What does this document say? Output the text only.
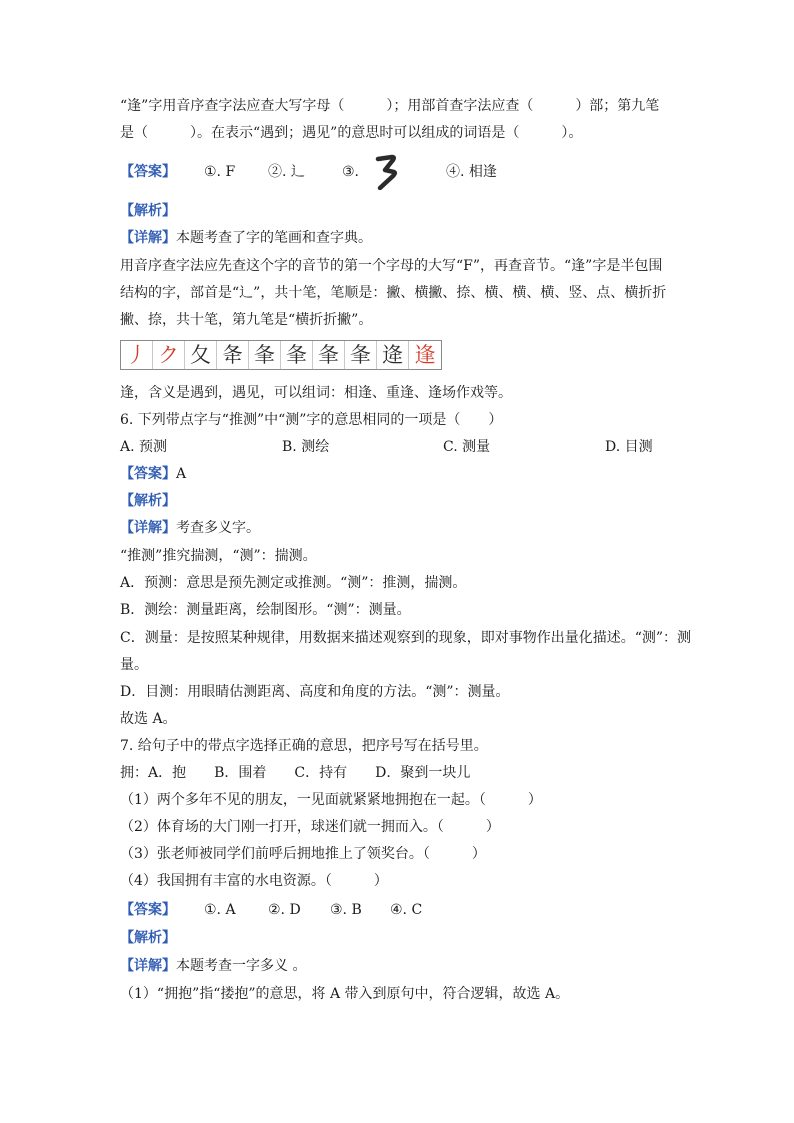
“逢”字用音序查字法应查大写字母（　　　）；用部首查字法应查（　　　）部；第九笔
是（　　　）。在表示“遇到；遇见”的意思时可以组成的词语是（　　　）。
【答案】 ①. F ②. 辶	③.	④. 相逢
【解析】
【详解】本题考查了字的笔画和查字典。
用音序查字法应先查这个字的音节的第一个字母的大写“F”，再查音节。“逢”字是半包围
结构的字，部首是“辶”，共十笔，笔顺是：撇、横撇、捺、横、横、横、竖、点、横折折
撇、捺，共十笔，第九笔是“横折折撇”。
丿 ク 夂 夅 夆 夆 夆 夆 逄 逢
逢，含义是遇到，遇见，可以组词：相逢、重逢、逢场作戏等。
6. 下列带点字与“推测”中“测”字的意思相同的一项是（　　）
A. 预测	B. 测绘	C. 测量	D. 目测
【答案】A
【解析】
【详解】考查多义字。
“推测”推究揣测，“测”：揣测。
A．预测：意思是预先测定或推测。“测”：推测，揣测。
B．测绘：测量距离，绘制图形。“测”：测量。
C．测量：是按照某种规律，用数据来描述观察到的现象，即对事物作出量化描述。“测”：测
量。
D．目测：用眼睛估测距离、高度和角度的方法。“测”：测量。
故选 A。
7. 给句子中的带点字选择正确的意思，把序号写在括号里。
拥：A．抱　　B．围着　　C．持有　　D．聚到一块儿
（1）两个多年不见的朋友，一见面就紧紧地拥抱在一起。（　　　）
（2）体育场的大门刚一打开，球迷们就一拥而入。（　　　）
（3）张老师被同学们前呼后拥地推上了领奖台。（　　　）
（4）我国拥有丰富的水电资源。（　　　）
【答案】 ①. A ②. D ③. B ④. C
【解析】
【详解】本题考查一字多义 。
（1）“拥抱”指“搂抱”的意思，将 A 带入到原句中，符合逻辑，故选 A。
